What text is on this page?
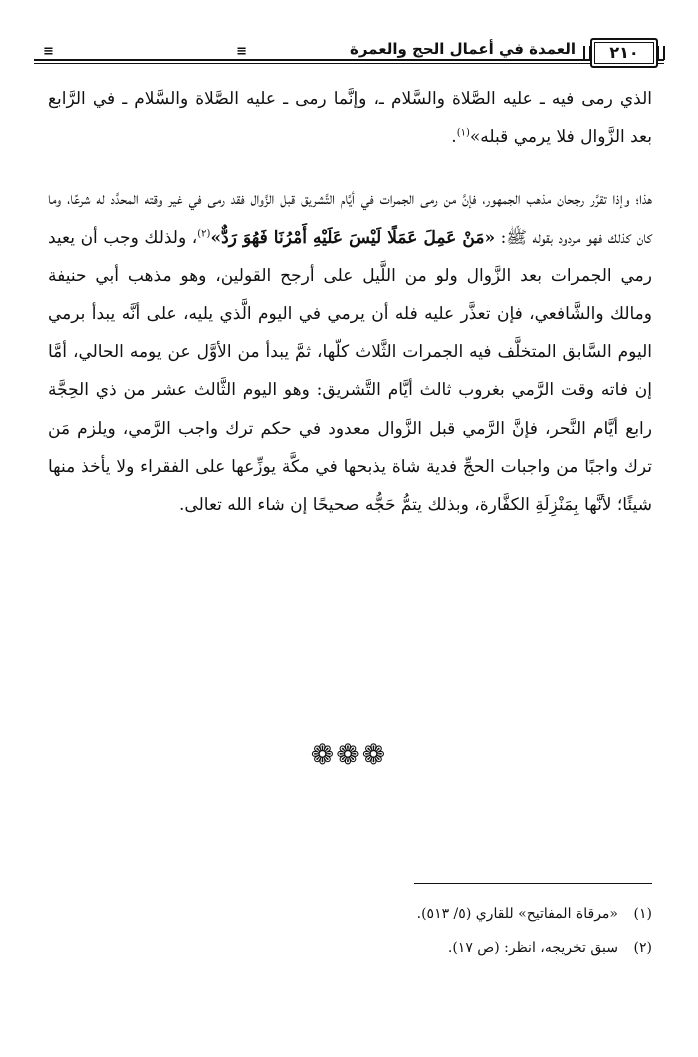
≡	≡	العمدة في أعمال الحج والعمرة	٢١٠

الذي رمى فيه ـ عليه الصَّلاة والسَّلام ـ، وإنَّما رمى ـ عليه الصَّلاة والسَّلام ـ في الرَّابع بعد الزَّوال فلا يرمي قبله»$^{(١)}$.

هذا؛ وإذا تقرَّر رجحان مذهب الجمهور، فإنَّ من رمى الجمرات في أيَّام التَّشريق قبل الزَّوال فقد رمى في غير وقته المحدَّد له شرعًا، وما كان كذلك فهو مردود بقوله ﷺ: «مَنْ عَمِلَ عَمَلًا لَيْسَ عَلَيْهِ أَمْرُنَا فَهُوَ رَدٌّ»$^{(٢)}$، ولذلك وجب أن يعيد رمي الجمرات بعد الزَّوال ولو من اللَّيل على أرجح القولين، وهو مذهب أبي حنيفة ومالك والشَّافعي، فإن تعذَّر عليه فله أن يرمي في اليوم الَّذي يليه، على أنَّه يبدأ برمي اليوم السَّابق المتخلَّف فيه الجمرات الثَّلاث كلّها، ثمَّ يبدأ من الأوَّل عن يومه الحالي، أمَّا إن فاته وقت الرَّمي بغروب ثالث أيَّام التَّشريق: وهو اليوم الثَّالث عشر من ذي الحِجَّة رابع أيَّام النَّحر، فإنَّ الرَّمي قبل الزَّوال معدود في حكم ترك واجب الرَّمي، ويلزم مَن ترك واجبًا من واجبات الحجِّ فدية شاة يذبحها في مكَّة يوزِّعها على الفقراء ولا يأخذ منها شيئًا؛ لأنَّها بِمَنْزِلَةِ الكفَّارة، وبذلك يتمُّ حَجُّه صحيحًا إن شاء الله تعالى.

❁❁❁
(١)«مرقاة المفاتيح» للقاري (٥/ ٥١٣).
(٢)سبق تخريجه، انظر: (ص ١٧).
